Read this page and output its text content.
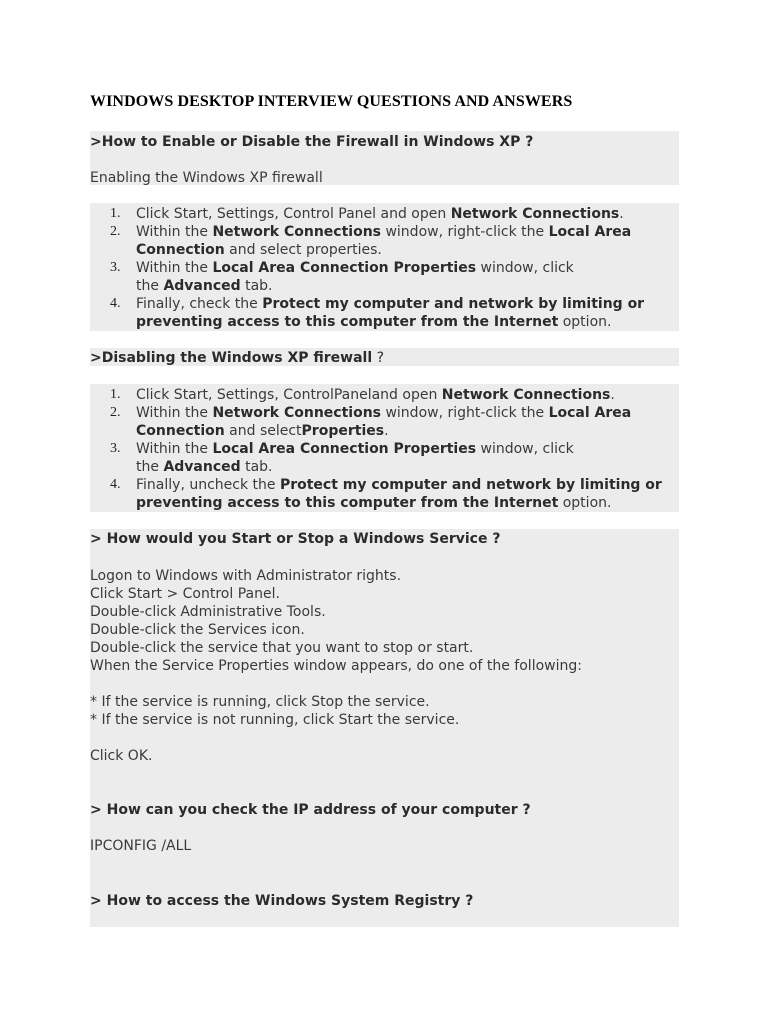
WINDOWS DESKTOP INTERVIEW QUESTIONS AND ANSWERS
>How to Enable or Disable the Firewall in Windows XP ?
Enabling the Windows XP firewall
1.	Click Start, Settings, Control Panel and open Network Connections.
2.	Within the Network Connections window, right-click the Local Area
Connection and select properties.
3.	Within the Local Area Connection Properties window, click
the Advanced tab.
4.	Finally, check the Protect my computer and network by limiting or
preventing access to this computer from the Internet option.
>Disabling the Windows XP firewall ?
1.	Click Start, Settings, ControlPaneland open Network Connections.
2.	Within the Network Connections window, right-click the Local Area
Connection and selectProperties.
3.	Within the Local Area Connection Properties window, click
the Advanced tab.
4.	Finally, uncheck the Protect my computer and network by limiting or
preventing access to this computer from the Internet option.
> How would you Start or Stop a Windows Service ?
Logon to Windows with Administrator rights.
Click Start > Control Panel.
Double-click Administrative Tools.
Double-click the Services icon.
Double-click the service that you want to stop or start.
When the Service Properties window appears, do one of the following:
* If the service is running, click Stop the service.
* If the service is not running, click Start the service.
Click OK.
> How can you check the IP address of your computer ?
IPCONFIG /ALL
> How to access the Windows System Registry ?
